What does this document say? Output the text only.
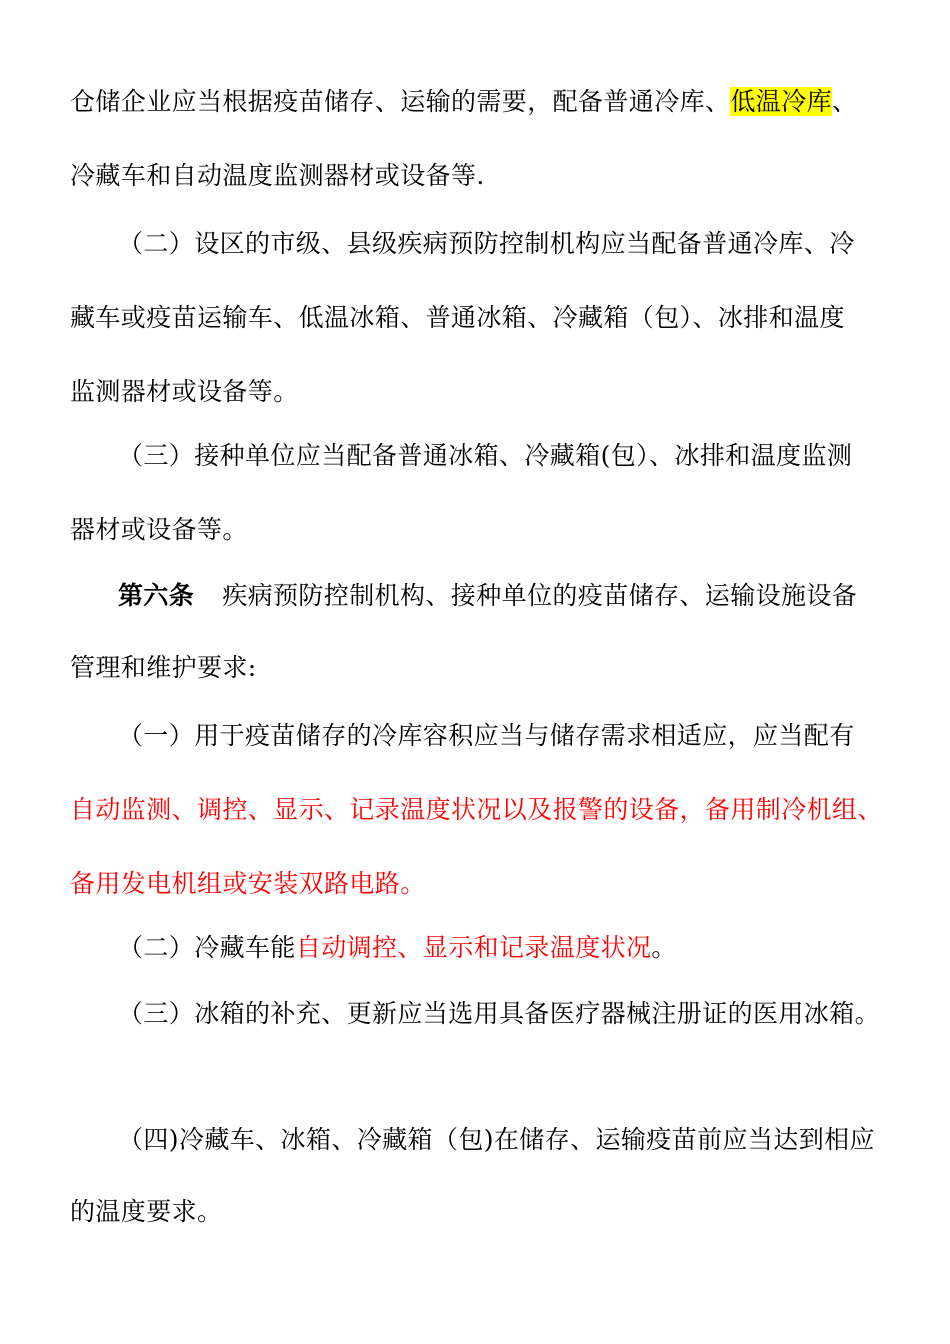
仓储企业应当根据疫苗储存、运输的需要，配备普通冷库、低温冷库、
冷藏车和自动温度监测器材或设备等.
（二）设区的市级、县级疾病预防控制机构应当配备普通冷库、冷
藏车或疫苗运输车、低温冰箱、普通冰箱、冷藏箱（包）、冰排和温度
监测器材或设备等。
（三）接种单位应当配备普通冰箱、冷藏箱(包）、冰排和温度监测
器材或设备等。
第六条 疾病预防控制机构、接种单位的疫苗储存、运输设施设备
管理和维护要求:
（一）用于疫苗储存的冷库容积应当与储存需求相适应，应当配有
自动监测、调控、显示、记录温度状况以及报警的设备，备用制冷机组、
备用发电机组或安装双路电路。
（二）冷藏车能自动调控、显示和记录温度状况。
（三）冰箱的补充、更新应当选用具备医疗器械注册证的医用冰箱。
（四)冷藏车、冰箱、冷藏箱（包)在储存、运输疫苗前应当达到相应
的温度要求。
